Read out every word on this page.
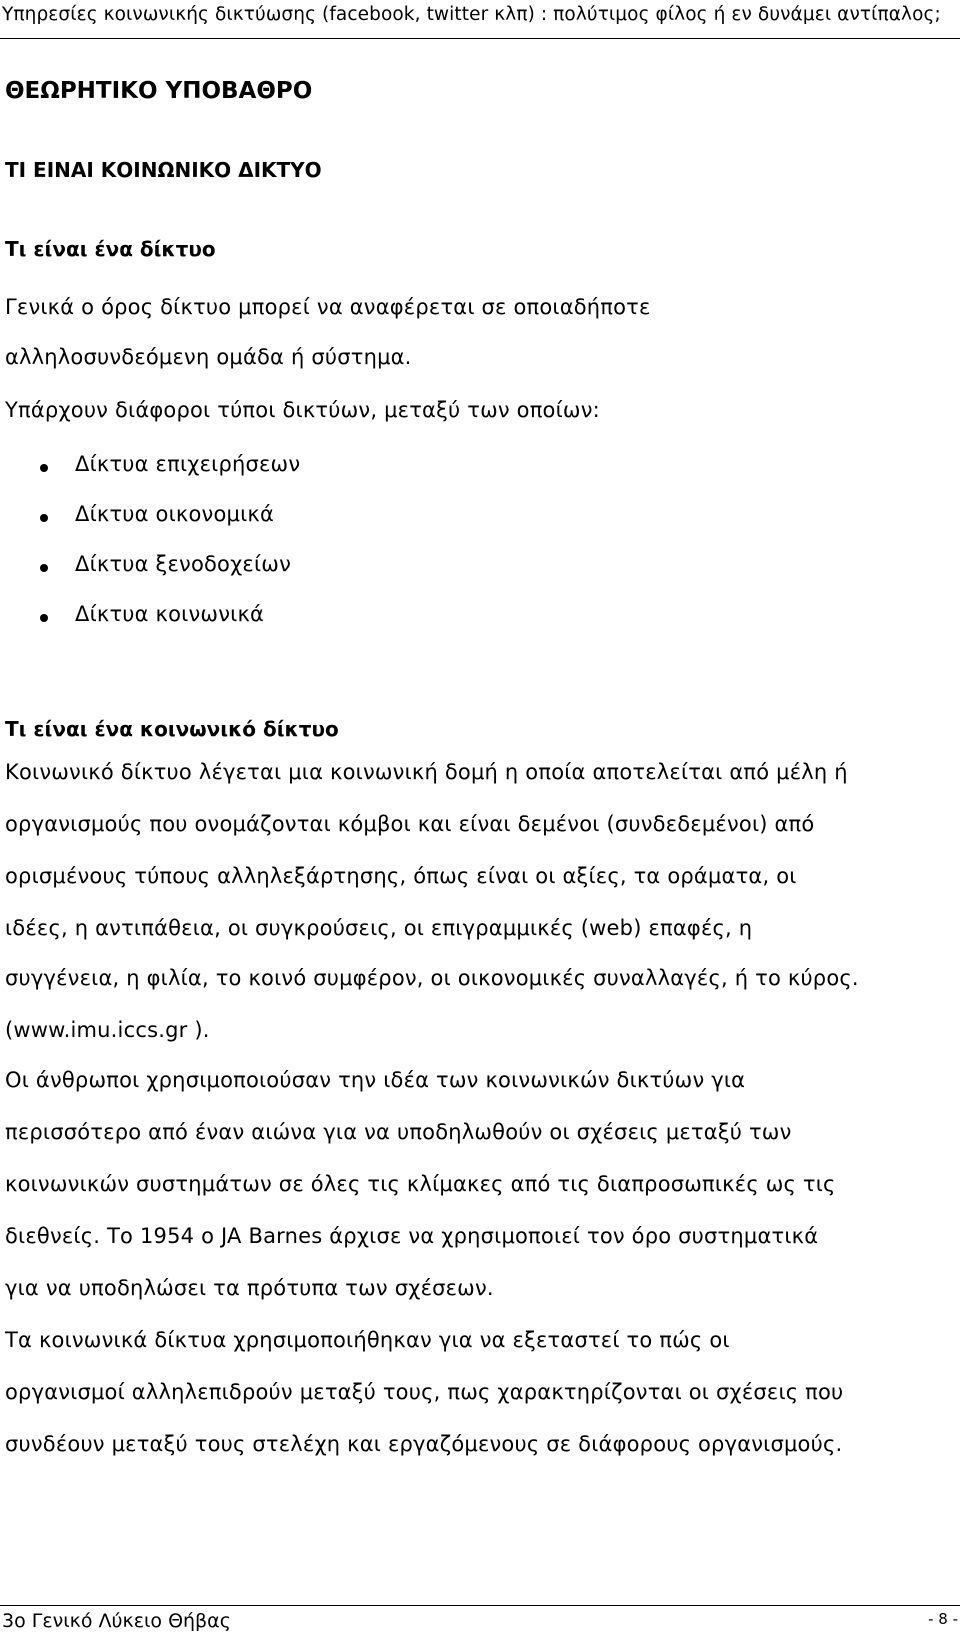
Υπηρεσίες κοινωνικής δικτύωσης (facebook, twitter κλπ) : πολύτιμος φίλος ή εν δυνάμει αντίπαλος;
ΘΕΩΡΗΤΙΚΟ ΥΠΟΒΑΘΡΟ
ΤΙ ΕΙΝΑΙ ΚΟΙΝΩΝΙΚΟ ΔΙΚΤΥΟ
Τι είναι ένα δίκτυο
Γενικά ο όρος δίκτυο μπορεί να αναφέρεται σε οποιαδήποτε
αλληλοσυνδεόμενη ομάδα ή σύστημα.
Υπάρχουν διάφοροι τύποι δικτύων, μεταξύ των οποίων:
Δίκτυα επιχειρήσεων
Δίκτυα οικονομικά
Δίκτυα ξενοδοχείων
Δίκτυα κοινωνικά
Τι είναι ένα κοινωνικό δίκτυο
Κοινωνικό δίκτυο λέγεται μια κοινωνική δομή η οποία αποτελείται από μέλη ή
οργανισμούς που ονομάζονται κόμβοι και είναι δεμένοι (συνδεδεμένοι) από
ορισμένους τύπους αλληλεξάρτησης, όπως είναι οι αξίες, τα οράματα, οι
ιδέες, η αντιπάθεια, οι συγκρούσεις, οι επιγραμμικές (web) επαφές, η
συγγένεια, η φιλία, το κοινό συμφέρον, οι οικονομικές συναλλαγές, ή το κύρος.
(www.imu.iccs.gr ).
Οι άνθρωποι χρησιμοποιούσαν την ιδέα των κοινωνικών δικτύων για
περισσότερο από έναν αιώνα για να υποδηλωθούν οι σχέσεις μεταξύ των
κοινωνικών συστημάτων σε όλες τις κλίμακες από τις διαπροσωπικές ως τις
διεθνείς. Το 1954 ο JA Barnes άρχισε να χρησιμοποιεί τον όρο συστηματικά
για να υποδηλώσει τα πρότυπα των σχέσεων.
Τα κοινωνικά δίκτυα χρησιμοποιήθηκαν για να εξεταστεί το πώς οι
οργανισμοί αλληλεπιδρούν μεταξύ τους, πως χαρακτηρίζονται οι σχέσεις που
συνδέουν μεταξύ τους στελέχη και εργαζόμενους σε διάφορους οργανισμούς.
3ο Γενικό Λύκειο Θήβας	- 8 -
